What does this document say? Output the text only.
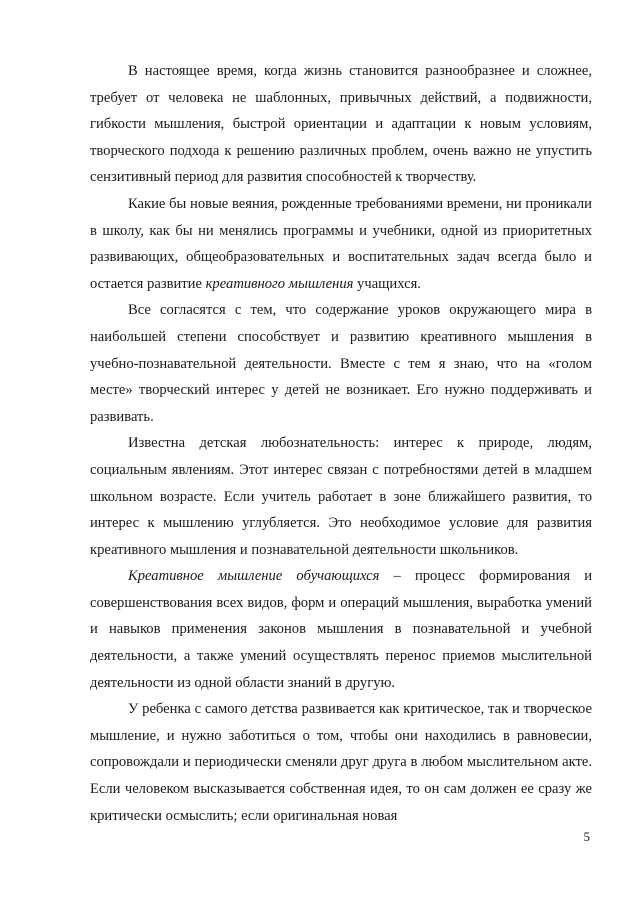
В настоящее время, когда жизнь становится разнообразнее и сложнее, требует от человека не шаблонных, привычных действий, а подвижности, гибкости мышления, быстрой ориентации и адаптации к новым условиям, творческого подхода к решению различных проблем, очень важно не упустить сензитивный период для развития способностей к творчеству.

Какие бы новые веяния, рожденные требованиями времени, ни проникали в школу, как бы ни менялись программы и учебники, одной из приоритетных развивающих, общеобразовательных и воспитательных задач всегда было и остается развитие креативного мышления учащихся.

Все согласятся с тем, что содержание уроков окружающего мира в наибольшей степени способствует и развитию креативного мышления в учебно-познавательной деятельности. Вместе с тем я знаю, что на «голом месте» творческий интерес у детей не возникает. Его нужно поддерживать и развивать.

Известна детская любознательность: интерес к природе, людям, социальным явлениям. Этот интерес связан с потребностями детей в младшем школьном возрасте. Если учитель работает в зоне ближайшего развития, то интерес к мышлению углубляется. Это необходимое условие для развития креативного мышления и познавательной деятельности школьников.

Креативное мышление обучающихся – процесс формирования и совершенствования всех видов, форм и операций мышления, выработка умений и навыков применения законов мышления в познавательной и учебной деятельности, а также умений осуществлять перенос приемов мыслительной деятельности из одной области знаний в другую.

У ребенка с самого детства развивается как критическое, так и творческое мышление, и нужно заботиться о том, чтобы они находились в равновесии, сопровождали и периодически сменяли друг друга в любом мыслительном акте. Если человеком высказывается собственная идея, то он сам должен ее сразу же критически осмыслить; если оригинальная новая

5
